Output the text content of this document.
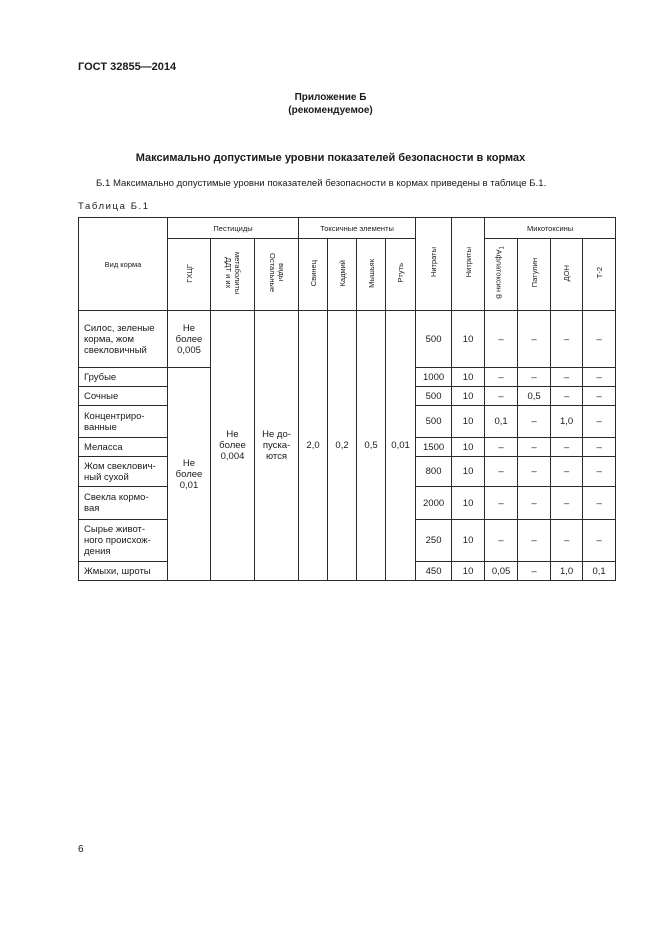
ГОСТ 32855—2014
Приложение Б
(рекомендуемое)
Максимально допустимые уровни показателей безопасности в кормах
Б.1 Максимально допустимые уровни показателей безопасности в кормах приведены в таблице Б.1.
Таблица Б.1
Вид корма	Пестициды			Токсичные элементы				Нитраты	Нитриты	Микотоксины			
	ГХЦГ	ДДТ и их
метаболиты	Остальные
виды	Свинец	Кадмий	Мышьяк	Ртуть			Афлатоксин $В_1$	Патулин	ДОН	Т-2
Силос, зеленые
корма, жом
свекловичный	Не
более
0,005	Не
более
0,004	Не до-
пуска-
ются	2,0	0,2	0,5	0,01	500	10	–	–	–	–
Грубые	Не
более
0,01							1000	10	–	–	–	–
Сочные								500	10	–	0,5	–	–
Концентриро-
ванные								500	10	0,1	–	1,0	–
Меласса								1500	10	–	–	–	–
Жом свеклович-
ный сухой								800	10	–	–	–	–
Свекла кормо-
вая								2000	10	–	–	–	–
Сырье живот-
ного происхож-
дения								250	10	–	–	–	–
Жмыхи, шроты								450	10	0,05	–	1,0	0,1
6
